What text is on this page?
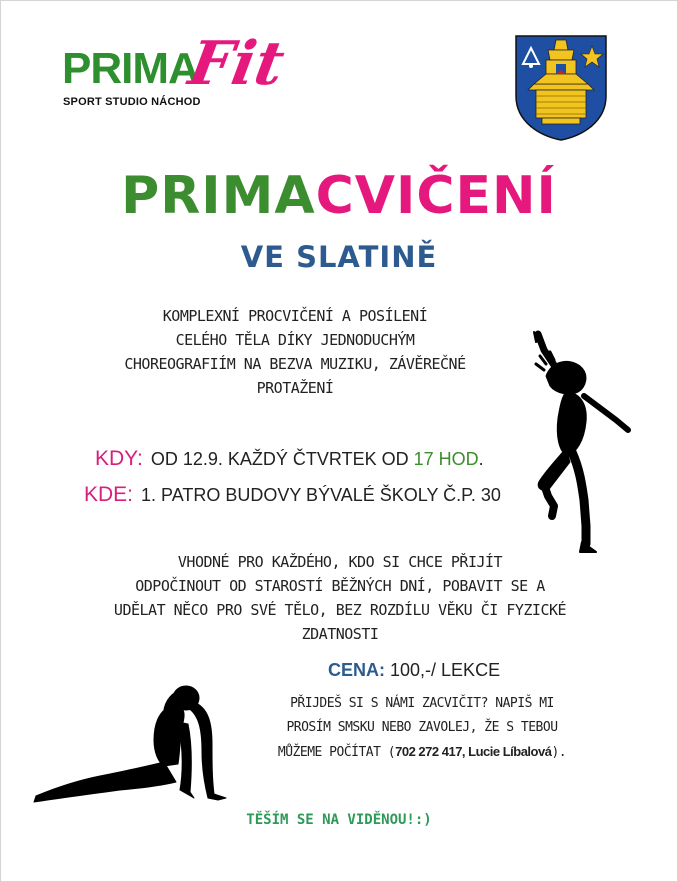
PRIMA
Fit
SPORT STUDIO NÁCHOD
PRIMACVIČENÍ
VE SLATINĚ
KOMPLEXNÍ PROCVIČENÍ A POSÍLENÍ
CELÉHO TĚLA DÍKY JEDNODUCHÝM
CHOREOGRAFIÍM NA BEZVA MUZIKU, ZÁVĚREČNÉ
PROTAŽENÍ
KDY: OD 12.9. KAŽDÝ ČTVRTEK OD 17 HOD.
KDE: 1. PATRO BUDOVY BÝVALÉ ŠKOLY Č.P. 30
VHODNÉ PRO KAŽDÉHO, KDO SI CHCE PŘIJÍT
ODPOČINOUT OD STAROSTÍ BĚŽNÝCH DNÍ, POBAVIT SE A
UDĚLAT NĚCO PRO SVÉ TĚLO, BEZ ROZDÍLU VĚKU ČI FYZICKÉ
ZDATNOSTI
CENA: 100,-/ LEKCE
PŘIJDEŠ SI S NÁMI ZACVIČIT? NAPIŠ MI
PROSÍM SMSKU NEBO ZAVOLEJ, ŽE S TEBOU
MŮŽEME POČÍTAT (702 272 417, Lucie Líbalová).
TĚŠÍM SE NA VIDĚNOU!:)
